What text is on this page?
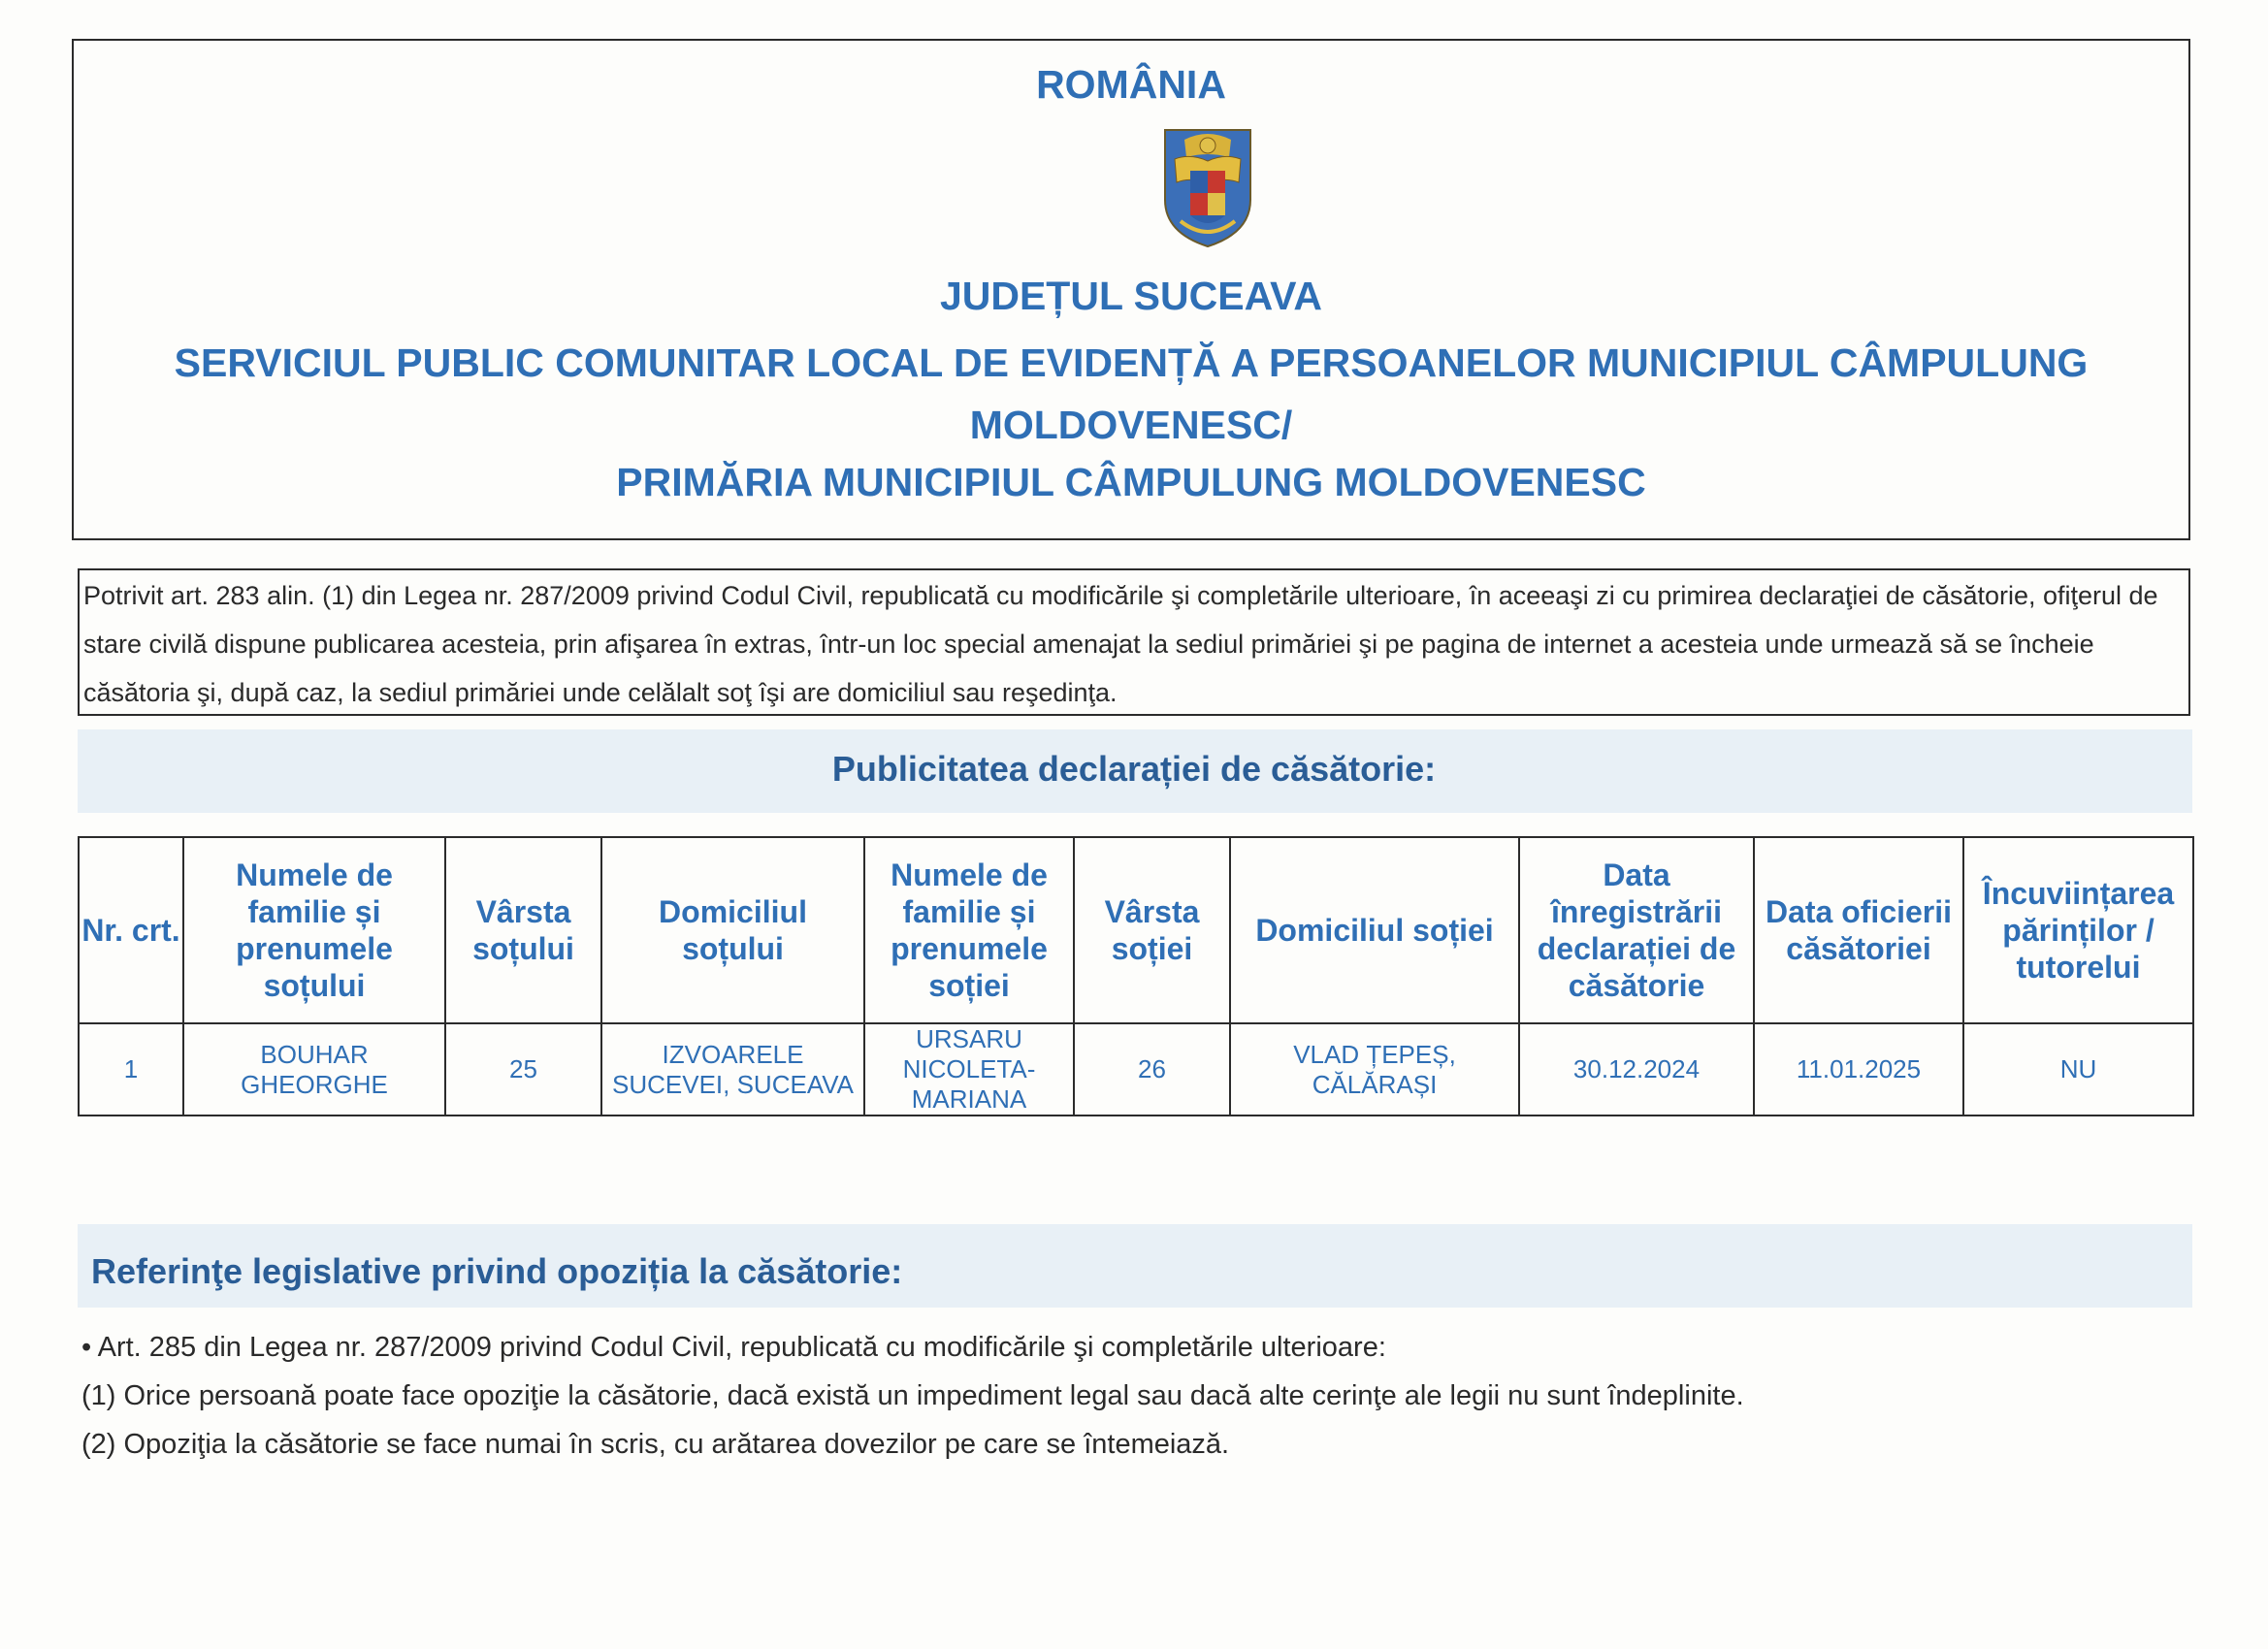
ROMÂNIA
JUDEȚUL SUCEAVA
SERVICIUL PUBLIC COMUNITAR LOCAL DE EVIDENȚĂ A PERSOANELOR MUNICIPIUL CÂMPULUNG MOLDOVENESC/
PRIMĂRIA MUNICIPIUL CÂMPULUNG MOLDOVENESC
Potrivit art. 283 alin. (1) din Legea nr. 287/2009 privind Codul Civil, republicată cu modificările şi completările ulterioare, în aceeaşi zi cu primirea declaraţiei de căsătorie, ofiţerul de stare civilă dispune publicarea acesteia, prin afişarea în extras, într-un loc special amenajat la sediul primăriei şi pe pagina de internet a acesteia unde urmează să se încheie căsătoria şi, după caz, la sediul primăriei unde celălalt soţ îşi are domiciliul sau reşedinţa.
Publicitatea declarației de căsătorie:
Nr. crt.	Numele de familie și prenumele soțului	Vârsta soțului	Domiciliul soțului	Numele de familie și prenumele soției	Vârsta soției	Domiciliul soției	Data înregistrării declarației de căsătorie	Data oficierii căsătoriei	Încuviințarea părinților / tutorelui
1	BOUHAR GHEORGHE	25	IZVOARELE SUCEVEI, SUCEAVA	URSARU NICOLETA-MARIANA	26	VLAD ȚEPEȘ, CĂLĂRAȘI	30.12.2024	11.01.2025	NU
Referinţe legislative privind opoziția la căsătorie:
• Art. 285 din Legea nr. 287/2009 privind Codul Civil, republicată cu modificările şi completările ulterioare:
(1) Orice persoană poate face opoziţie la căsătorie, dacă există un impediment legal sau dacă alte cerinţe ale legii nu sunt îndeplinite.
(2) Opoziţia la căsătorie se face numai în scris, cu arătarea dovezilor pe care se întemeiază.
